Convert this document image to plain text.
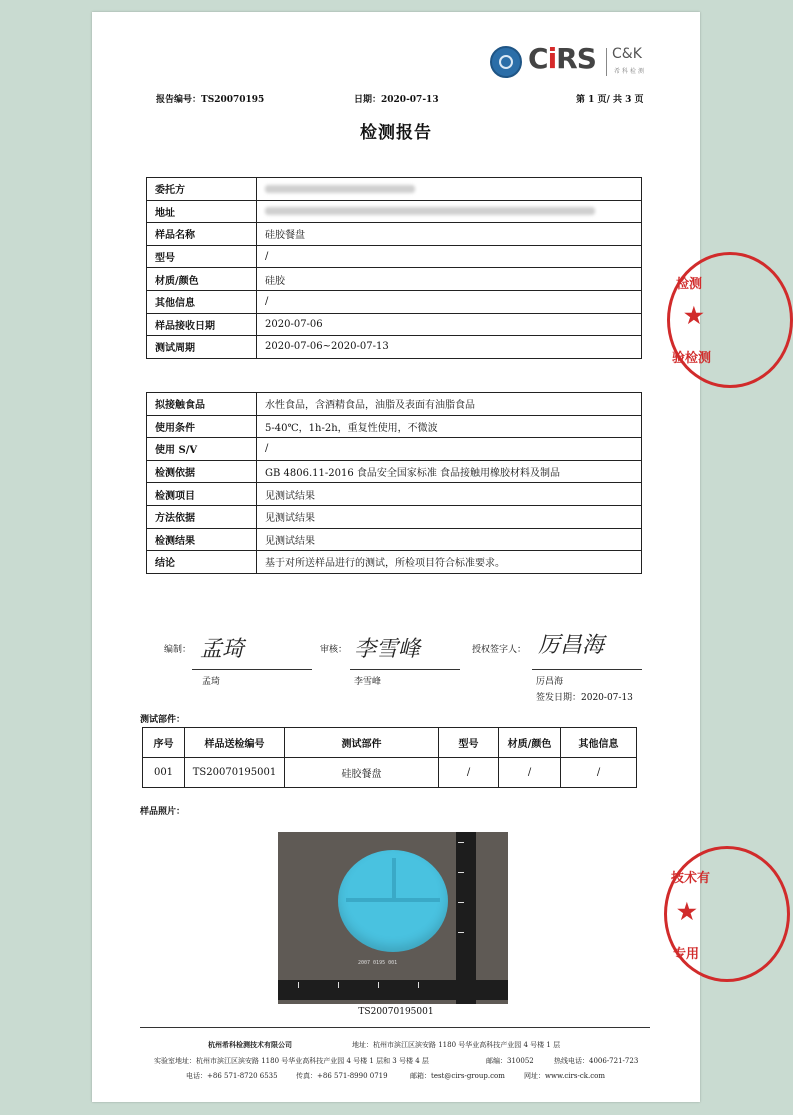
CiRS C&K
希科检测
报告编号：TS20070195	日期：2020-07-13	第 1 页/ 共 3 页
检测报告
委托方	
地址	
样品名称	硅胶餐盘
型号	/
材质/颜色	硅胶
其他信息	/
样品接收日期	2020-07-06
测试周期	2020-07-06~2020-07-13
拟接触食品	水性食品，含酒精食品，油脂及表面有油脂食品
使用条件	5-40℃，1h-2h，重复性使用，不微波
使用 S/V	/
检测依据	GB 4806.11-2016 食品安全国家标准 食品接触用橡胶材料及制品
检测项目	见测试结果
方法依据	见测试结果
检测结果	见测试结果
结论	基于对所送样品进行的测试，所检项目符合标准要求。
编制： 孟琦
孟琦
审核： 李雪峰
李雪峰
授权签字人： 厉昌海
厉昌海
签发日期：2020-07-13
测试部件：
序号	样品送检编号	测试部件	型号	材质/颜色	其他信息
001	TS20070195001	硅胶餐盘	/	/	/
样品照片：
2007 0195 001
TS20070195001
杭州希科检测技术有限公司	地址：杭州市滨江区滨安路 1180 号华业高科技产业园 4 号楼 1 层
实验室地址：杭州市滨江区滨安路 1180 号华业高科技产业园 4 号楼 1 层和 3 号楼 4 层	邮编：310052	热线电话：4006-721-723
电话：+86 571-8720 6535	传真：+86 571-8990 0719	邮箱：test@cirs-group.com	网址：www.cirs-ck.com
检测
★
验检测
技术有
★
专用
